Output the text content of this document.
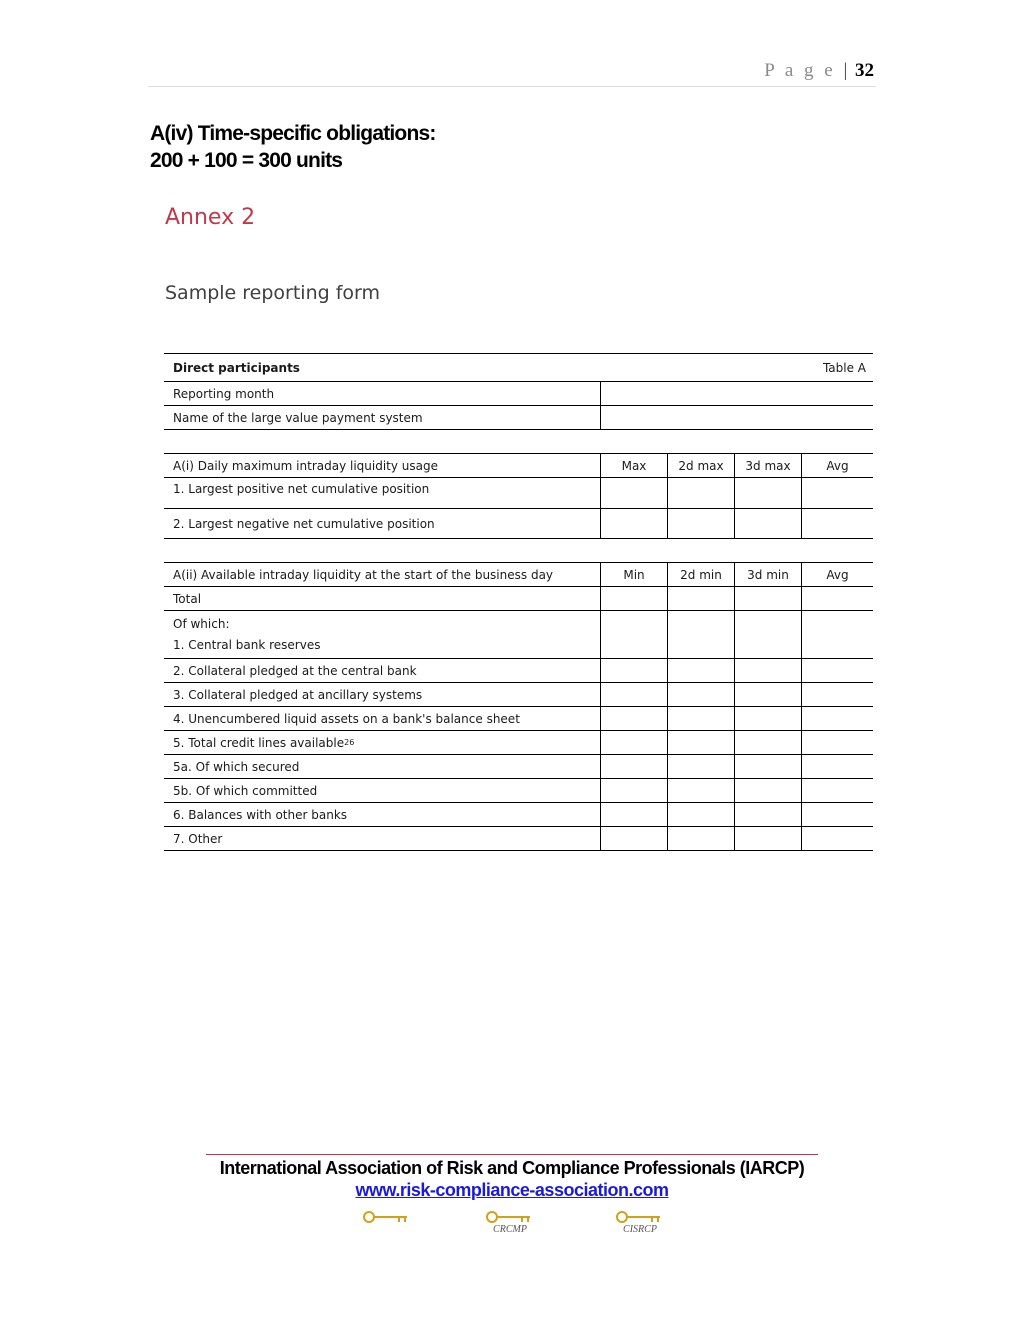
P a g e | 32
A(iv) Time-specific obligations:
200 + 100 = 300 units
Annex 2
Sample reporting form
Direct participants	Table A
Reporting month
Name of the large value payment system
A(i) Daily maximum intraday liquidity usage	Max	2d max	3d max	Avg
1. Largest positive net cumulative position
2. Largest negative net cumulative position
A(ii) Available intraday liquidity at the start of the business day	Min	2d min	3d min	Avg
Total
Of which:
1. Central bank reserves
2. Collateral pledged at the central bank
3. Collateral pledged at ancillary systems
4. Unencumbered liquid assets on a bank's balance sheet
5. Total credit lines available 26
5a. Of which secured
5b. Of which committed
6. Balances with other banks
7. Other
International Association of Risk and Compliance Professionals (IARCP)
www.risk-compliance-association.com
CRCMP	CISRCP
